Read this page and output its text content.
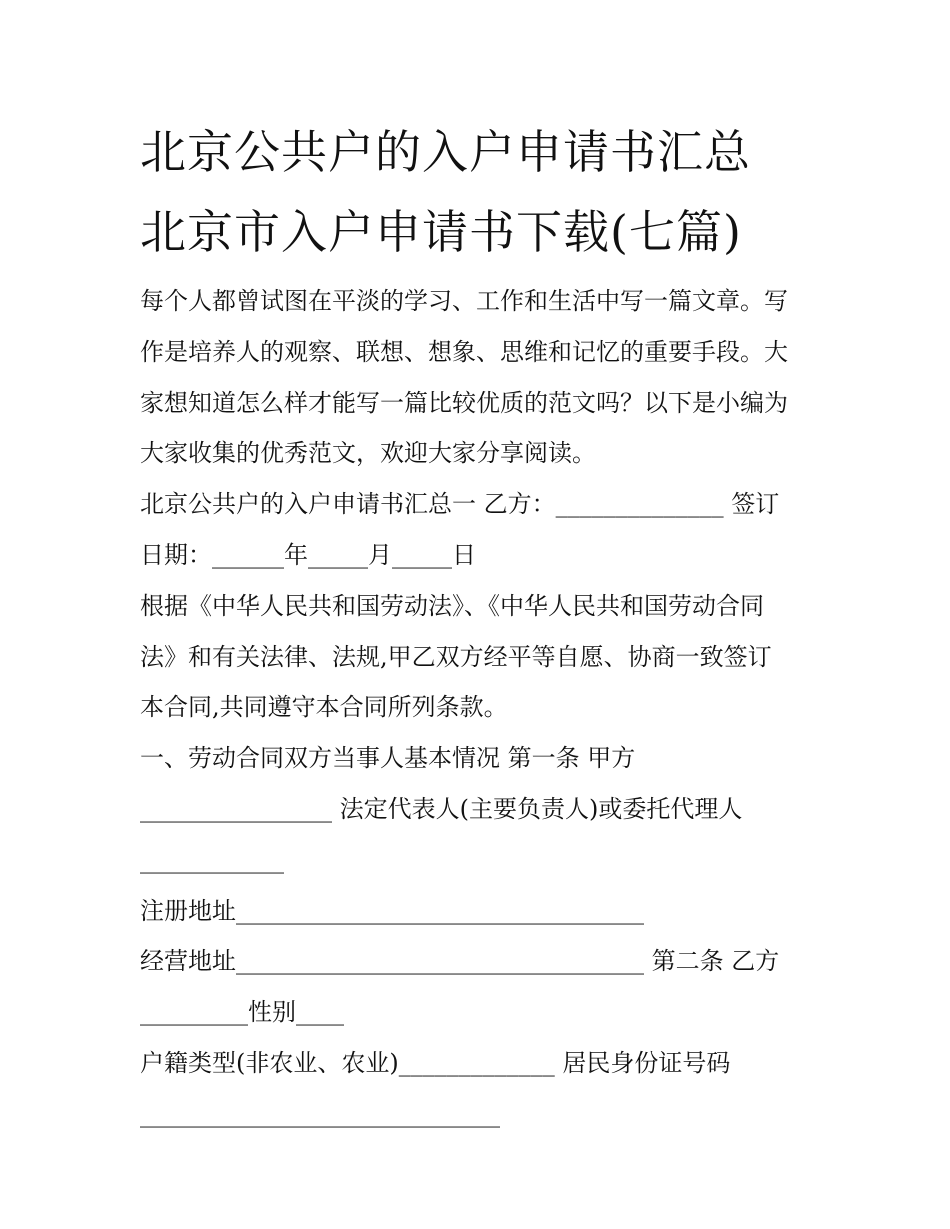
北京公共户的入户申请书汇总
北京市入户申请书下载(七篇)
每个人都曾试图在平淡的学习、工作和生活中写一篇文章。写
作是培养人的观察、联想、想象、思维和记忆的重要手段。大
家想知道怎么样才能写一篇比较优质的范文吗？以下是小编为
大家收集的优秀范文，欢迎大家分享阅读。
北京公共户的入户申请书汇总一 乙方：______________ 签订
日期：______年_____月_____日
根据《中华人民共和国劳动法》、《中华人民共和国劳动合同
法》和有关法律、法规,甲乙双方经平等自愿、协商一致签订
本合同,共同遵守本合同所列条款。
一、劳动合同双方当事人基本情况 第一条 甲方
________________ 法定代表人(主要负责人)或委托代理人
____________
注册地址__________________________________
经营地址__________________________________ 第二条 乙方
_________性别____
户籍类型(非农业、农业)_____________ 居民身份证号码
______________________________
